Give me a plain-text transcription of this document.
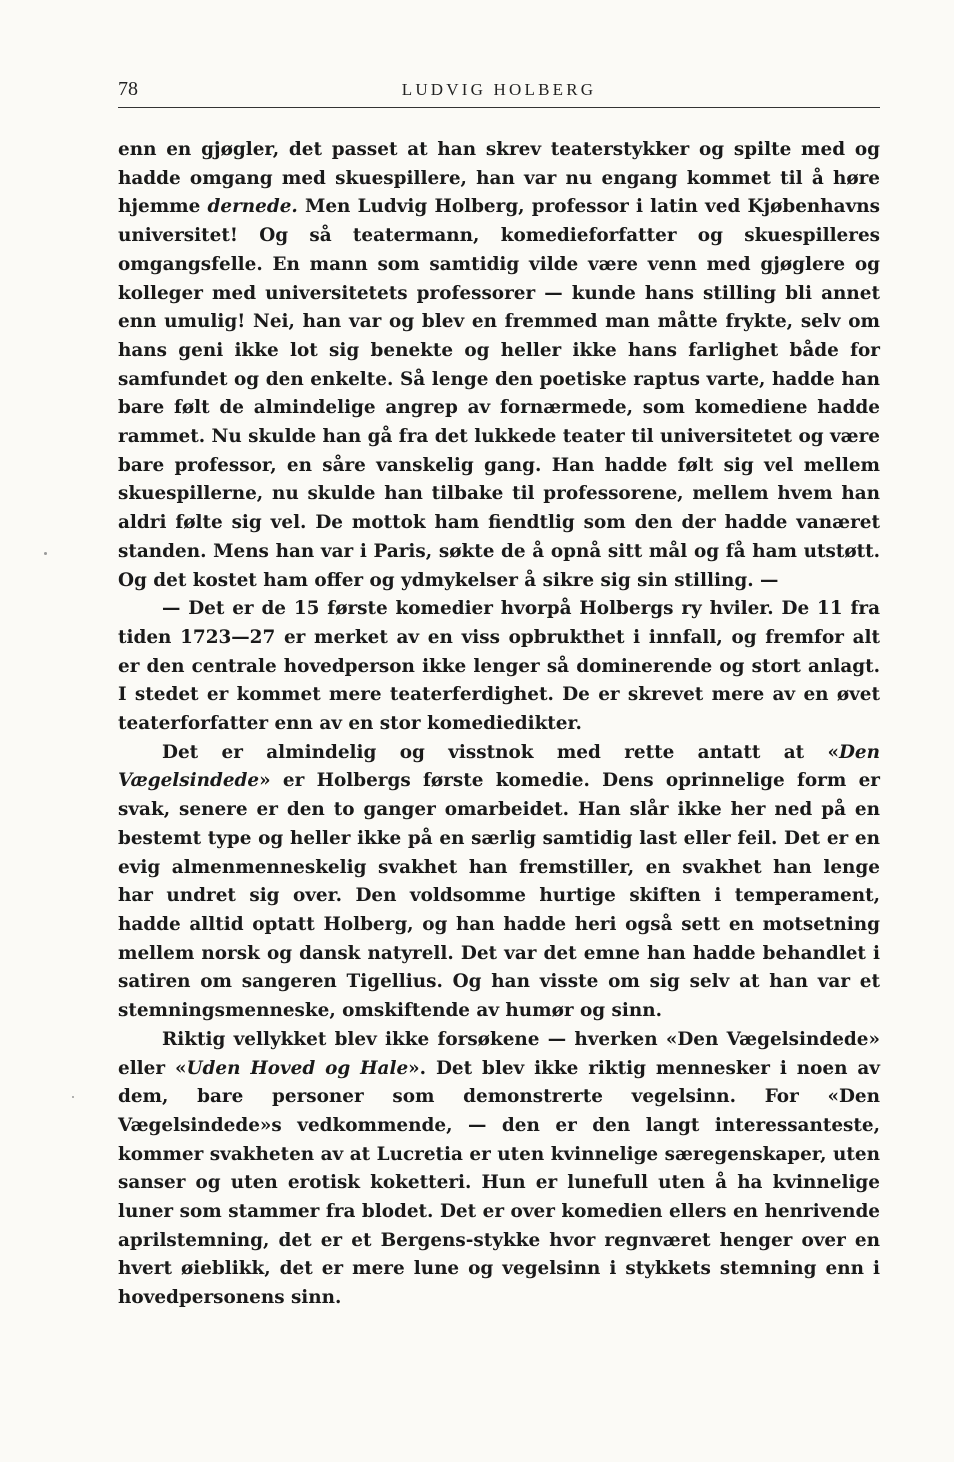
78	LUDVIG HOLBERG

enn en gjøgler, det passet at han skrev teaterstykker og spilte med og hadde omgang med skuespillere, han var nu engang kommet til å høre hjemme dernede. Men Ludvig Holberg, professor i latin ved Kjøbenhavns universitet! Og så teatermann, komedieforfatter og skuespilleres omgangsfelle. En mann som samtidig vilde være venn med gjøglere og kolleger med universitetets professorer — kunde hans stilling bli annet enn umulig! Nei, han var og blev en fremmed man måtte frykte, selv om hans geni ikke lot sig benekte og heller ikke hans farlighet både for samfundet og den enkelte. Så lenge den poetiske raptus varte, hadde han bare følt de almindelige angrep av fornærmede, som komediene hadde rammet. Nu skulde han gå fra det lukkede teater til universitetet og være bare professor, en såre vanskelig gang. Han hadde følt sig vel mellem skuespillerne, nu skulde han tilbake til professorene, mellem hvem han aldri følte sig vel. De mottok ham fiendtlig som den der hadde vanæret standen. Mens han var i Paris, søkte de å opnå sitt mål og få ham utstøtt. Og det kostet ham offer og ydmykelser å sikre sig sin stilling. —

— Det er de 15 første komedier hvorpå Holbergs ry hviler. De 11 fra tiden 1723—27 er merket av en viss opbrukthet i innfall, og fremfor alt er den centrale hovedperson ikke lenger så dominerende og stort anlagt. I stedet er kommet mere teaterferdighet. De er skrevet mere av en øvet teaterforfatter enn av en stor komediedikter.

Det er almindelig og visstnok med rette antatt at «Den Vægelsindede» er Holbergs første komedie. Dens oprinnelige form er svak, senere er den to ganger omarbeidet. Han slår ikke her ned på en bestemt type og heller ikke på en særlig samtidig last eller feil. Det er en evig almenmenneskelig svakhet han fremstiller, en svakhet han lenge har undret sig over. Den voldsomme hurtige skiften i temperament, hadde alltid optatt Holberg, og han hadde heri også sett en motsetning mellem norsk og dansk natyrell. Det var det emne han hadde behandlet i satiren om sangeren Tigellius. Og han visste om sig selv at han var et stemningsmenneske, omskiftende av humør og sinn.

Riktig vellykket blev ikke forsøkene — hverken «Den Vægelsindede» eller «Uden Hoved og Hale». Det blev ikke riktig mennesker i noen av dem, bare personer som demonstrerte vegelsinn. For «Den Vægelsindede»s vedkommende, — den er den langt interessanteste, kommer svakheten av at Lucretia er uten kvinnelige særegenskaper, uten sanser og uten erotisk koketteri. Hun er lunefull uten å ha kvinnelige luner som stammer fra blodet. Det er over komedien ellers en henrivende aprilstemning, det er et Bergens-stykke hvor regnværet henger over en hvert øieblikk, det er mere lune og vegelsinn i stykkets stemning enn i hovedpersonens sinn.
